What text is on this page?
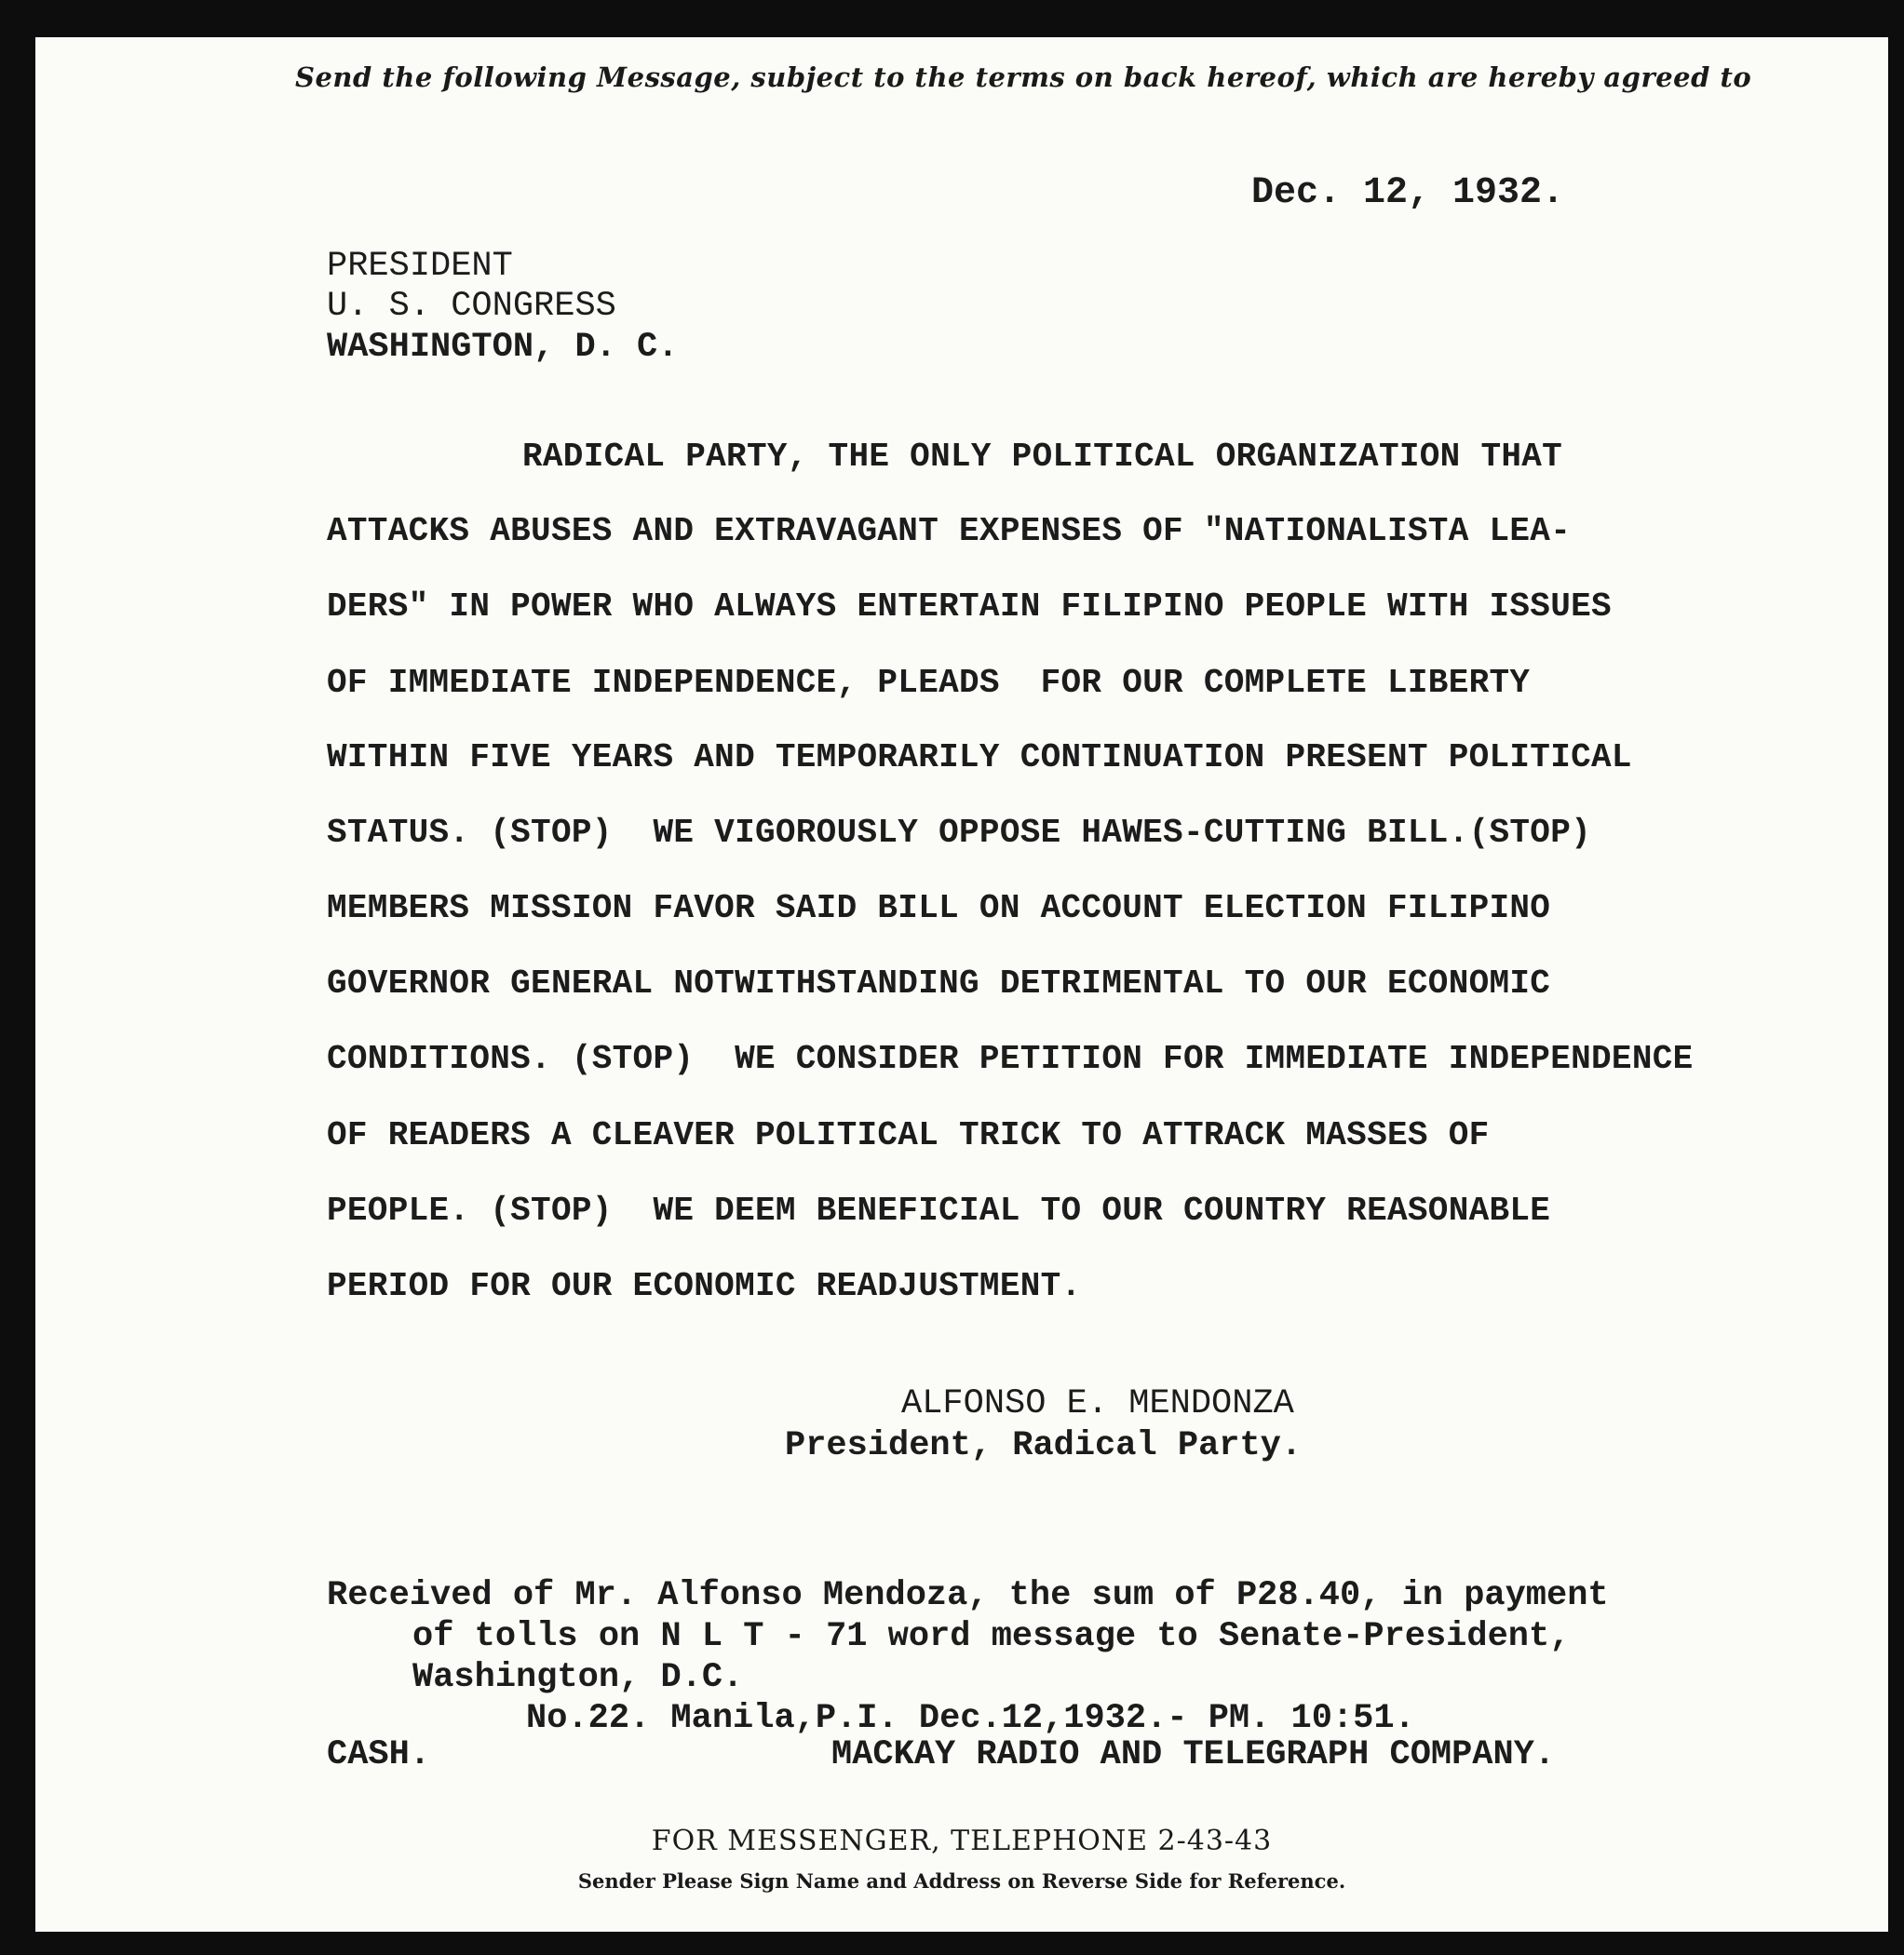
Send the following Message, subject to the terms on back hereof, which are hereby agreed to
Dec. 12, 1932.
PRESIDENT
U. S. CONGRESS
WASHINGTON, D. C.
RADICAL PARTY, THE ONLY POLITICAL ORGANIZATION THAT
ATTACKS ABUSES AND EXTRAVAGANT EXPENSES OF "NATIONALISTA LEA-
DERS" IN POWER WHO ALWAYS ENTERTAIN FILIPINO PEOPLE WITH ISSUES
OF IMMEDIATE INDEPENDENCE, PLEADS  FOR OUR COMPLETE LIBERTY
WITHIN FIVE YEARS AND TEMPORARILY CONTINUATION PRESENT POLITICAL
STATUS. (STOP)  WE VIGOROUSLY OPPOSE HAWES-CUTTING BILL.(STOP)
MEMBERS MISSION FAVOR SAID BILL ON ACCOUNT ELECTION FILIPINO
GOVERNOR GENERAL NOTWITHSTANDING DETRIMENTAL TO OUR ECONOMIC
CONDITIONS. (STOP)  WE CONSIDER PETITION FOR IMMEDIATE INDEPENDENCE
OF READERS A CLEAVER POLITICAL TRICK TO ATTRACK MASSES OF
PEOPLE. (STOP)  WE DEEM BENEFICIAL TO OUR COUNTRY REASONABLE
PERIOD FOR OUR ECONOMIC READJUSTMENT.
ALFONSO E. MENDONZA
President, Radical Party.
Received of Mr. Alfonso Mendoza, the sum of P28.40, in payment
of tolls on N L T - 71 word message to Senate-President,
Washington, D.C.
No.22. Manila,P.I. Dec.12,1932.- PM. 10:51.
CASH.	MACKAY RADIO AND TELEGRAPH COMPANY.
FOR MESSENGER, TELEPHONE 2-43-43
Sender Please Sign Name and Address on Reverse Side for Reference.
